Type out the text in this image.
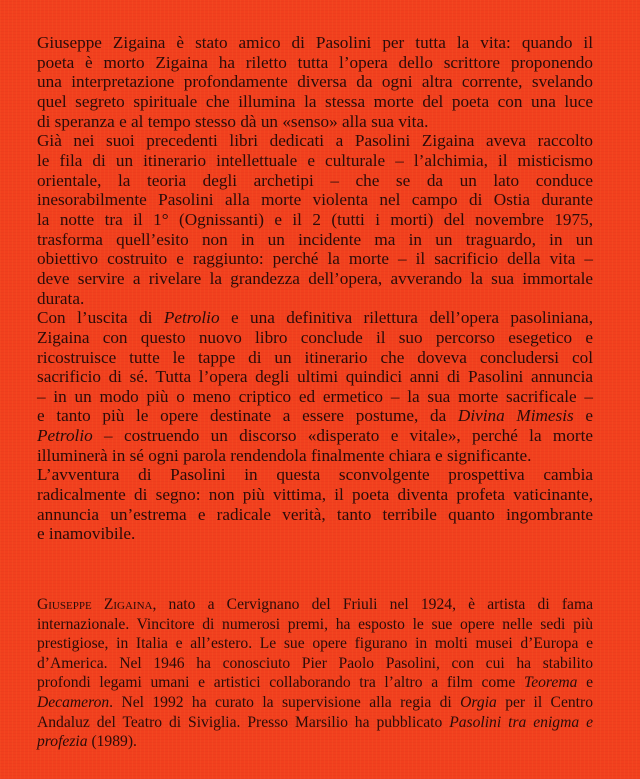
Giuseppe Zigaina è stato amico di Pasolini per tutta la vita: quando il
poeta è morto Zigaina ha riletto tutta l’opera dello scrittore proponendo
una interpretazione profondamente diversa da ogni altra corrente, svelando
quel segreto spirituale che illumina la stessa morte del poeta con una luce
di speranza e al tempo stesso dà un «senso» alla sua vita.

Già nei suoi precedenti libri dedicati a Pasolini Zigaina aveva raccolto
le fila di un itinerario intellettuale e culturale – l’alchimia, il misticismo
orientale, la teoria degli archetipi – che se da un lato conduce
inesorabilmente Pasolini alla morte violenta nel campo di Ostia durante
la notte tra il 1° (Ognissanti) e il 2 (tutti i morti) del novembre 1975,
trasforma quell’esito non in un incidente ma in un traguardo, in un
obiettivo costruito e raggiunto: perché la morte – il sacrificio della vita –
deve servire a rivelare la grandezza dell’opera, avverando la sua immortale
durata.

Con l’uscita di Petrolio e una definitiva rilettura dell’opera pasoliniana,
Zigaina con questo nuovo libro conclude il suo percorso esegetico e
ricostruisce tutte le tappe di un itinerario che doveva concludersi col
sacrificio di sé. Tutta l’opera degli ultimi quindici anni di Pasolini annuncia
– in un modo più o meno criptico ed ermetico – la sua morte sacrificale –
e tanto più le opere destinate a essere postume, da Divina Mimesis e
Petrolio – costruendo un discorso «disperato e vitale», perché la morte
illuminerà in sé ogni parola rendendola finalmente chiara e significante.

L’avventura di Pasolini in questa sconvolgente prospettiva cambia
radicalmente di segno: non più vittima, il poeta diventa profeta vaticinante,
annuncia un’estrema e radicale verità, tanto terribile quanto ingombrante
e inamovibile.

Giuseppe Zigaina, nato a Cervignano del Friuli nel 1924, è artista di fama
internazionale. Vincitore di numerosi premi, ha esposto le sue opere nelle sedi più
prestigiose, in Italia e all’estero. Le sue opere figurano in molti musei d’Europa e
d’America. Nel 1946 ha conosciuto Pier Paolo Pasolini, con cui ha stabilito
profondi legami umani e artistici collaborando tra l’altro a film come Teorema e
Decameron. Nel 1992 ha curato la supervisione alla regia di Orgia per il Centro
Andaluz del Teatro di Siviglia. Presso Marsilio ha pubblicato Pasolini tra enigma e
profezia (1989).
